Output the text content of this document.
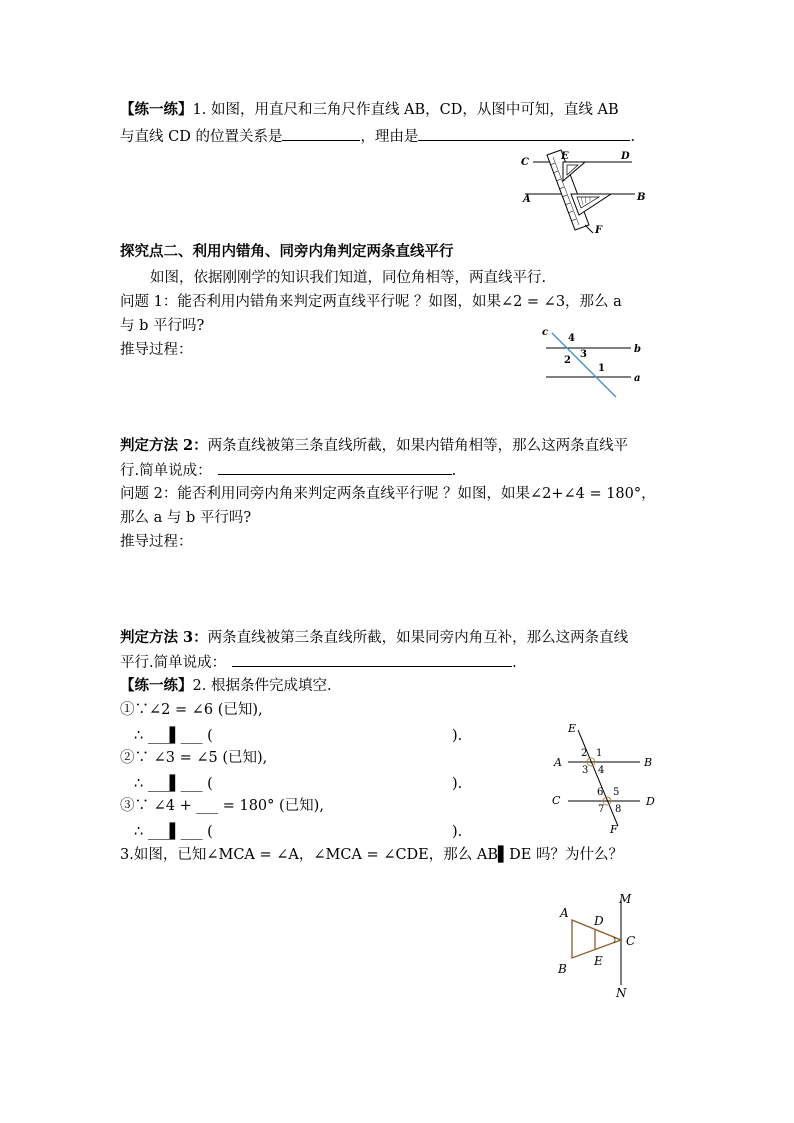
【练一练】1. 如图，用直尺和三角尺作直线 AB，CD，从图中可知，直线 AB
与直线 CD 的位置关系是	，理由是	.
C
E	D
A	B
F
探究点二、利用内错角、同旁内角判定两条直线平行
如图，依据刚刚学的知识我们知道，同位角相等，两直线平行.
问题 1：能否利用内错角来判定两直线平行呢 ？如图，如果∠2 = ∠3，那么 a
与 b 平行吗?
推导过程：
c
4
3
2
1
b
a
判定方法 2：两条直线被第三条直线所截，如果内错角相等，那么这两条直线平
行.简单说成：	.
问题 2：能否利用同旁内角来判定两条直线平行呢 ？如图，如果∠2+∠4 = 180°，
那么 a 与 b 平行吗?
推导过程：
判定方法 3：两条直线被第三条直线所截，如果同旁内角互补，那么这两条直线
平行.简单说成：	.
【练一练】2. 根据条件完成填空.
①∵∠2 = ∠6 (已知),
∴ ___▌___ (	).
②∵ ∠3 = ∠5 (已知),
∴ ___▌___ (	).
③∵ ∠4 + ___ = 180° (已知),
∴ ___▌___ (	).
E
2 1
A	B
3 4
6 5
C	D
7 8
F
3.如图，已知∠MCA = ∠A，∠MCA = ∠CDE，那么 AB▌DE 吗？为什么？
M
A
D
C
B
E
N
